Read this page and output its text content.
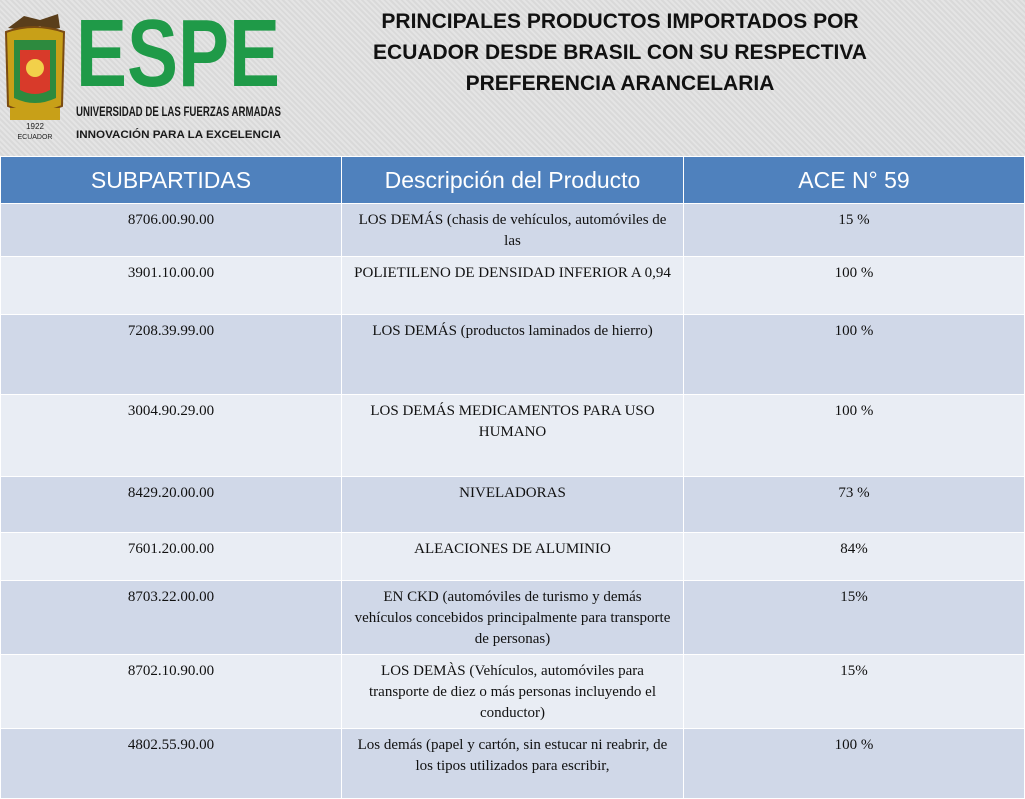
1922
ECUADOR
ESPE
UNIVERSIDAD DE LAS FUERZAS ARMADAS
INNOVACIÓN PARA LA EXCELENCIA
PRINCIPALES PRODUCTOS IMPORTADOS POR ECUADOR DESDE BRASIL CON SU RESPECTIVA PREFERENCIA ARANCELARIA
SUBPARTIDAS	Descripción del Producto	ACE N° 59
8706.00.90.00	LOS DEMÁS (chasis de vehículos, automóviles de las	15 %
3901.10.00.00	POLIETILENO DE DENSIDAD INFERIOR A 0,94	100 %
7208.39.99.00	LOS DEMÁS (productos laminados de hierro)	100 %
3004.90.29.00	LOS DEMÁS MEDICAMENTOS PARA USO HUMANO	100 %
8429.20.00.00	NIVELADORAS	73 %
7601.20.00.00	ALEACIONES DE ALUMINIO	84%
8703.22.00.00	EN CKD (automóviles de turismo y demás vehículos concebidos principalmente para transporte de personas)	15%
8702.10.90.00	LOS DEMÀS (Vehículos, automóviles para transporte de diez o más personas incluyendo el conductor)	15%
4802.55.90.00	Los demás (papel y cartón, sin estucar ni reabrir, de los tipos utilizados para escribir,	100 %
